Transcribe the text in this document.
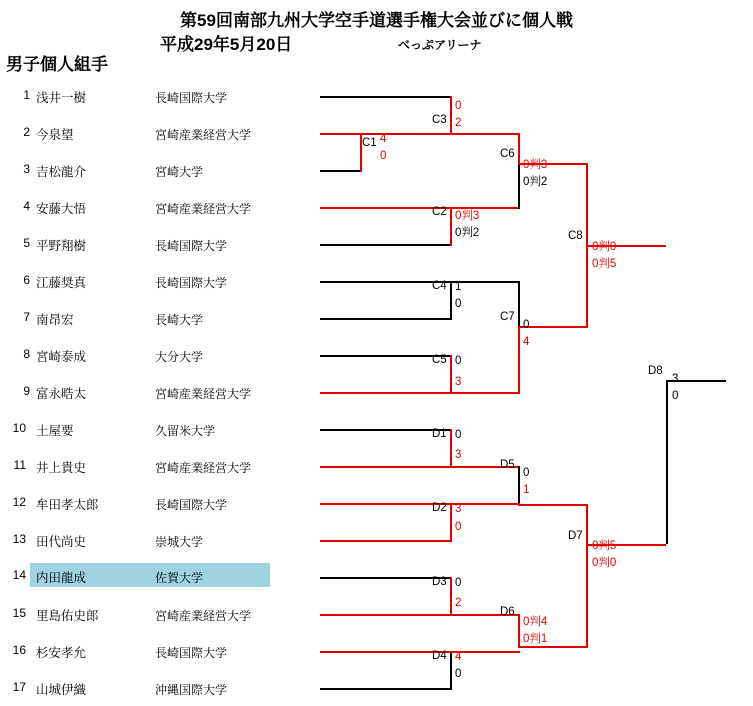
第59回南部九州大学空手道選手権大会並びに個人戦
平成29年5月20日	べっぷアリーナ
男子個人組手
1 浅井一樹	長崎国際大学
2 今泉望	宮崎産業経営大学
3 吉松龍介	宮崎大学
4 安藤大悟	宮崎産業経営大学
5 平野翔樹	長崎国際大学
6 江藤奨真	長崎国際大学
7 南昂宏	長崎大学
8 宮崎泰成	大分大学
9 富永晧太	宮崎産業経営大学
10 土屋要	久留米大学
11 井上貴史	宮崎産業経営大学
12 牟田孝太郎	長崎国際大学
13 田代尚史	崇城大学
14 内田龍成	佐賀大学
15 里島佑史郎	宮崎産業経営大学
16 杉安孝允	長崎国際大学
17 山城伊織	沖縄国際大学
C1
C3
C2
C6
C4
C5
C7
C8
D1
D2
D5
D3
D4
D6
D7
D8
4
0
0
2
0判3
0判2
0判3
0判2
1
0
0
3
0
4
0判0
0判5
0
3
3
0
0
1
0
2
4
0
0判4
0判1
0判5
0判0
3
0
